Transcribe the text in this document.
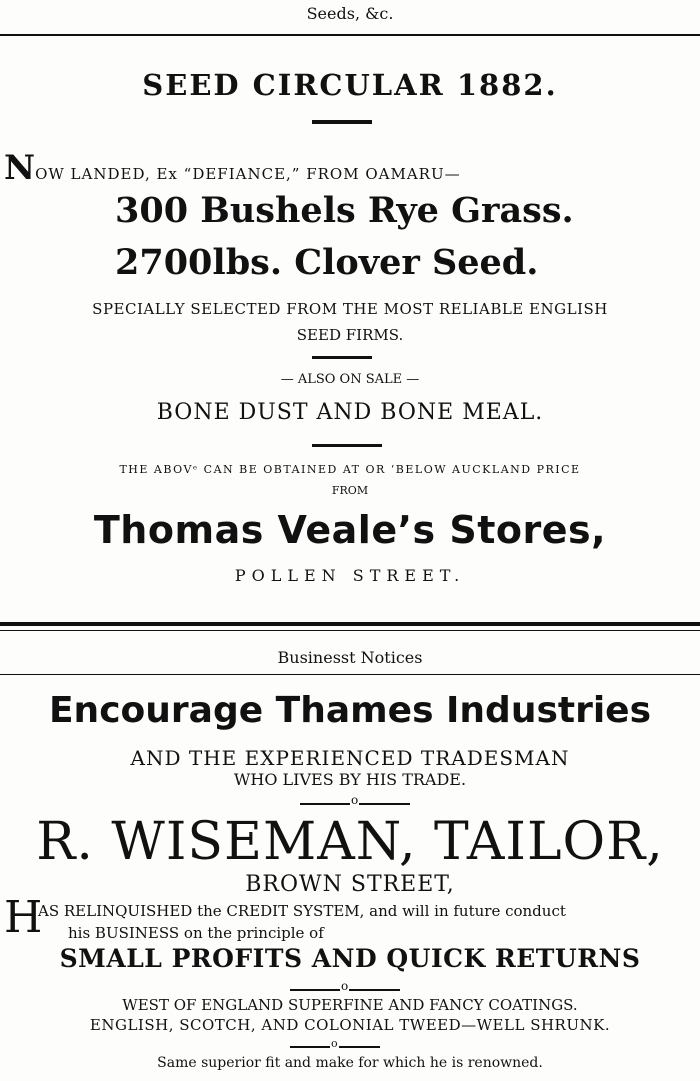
Seeds, &c.
SEED CIRCULAR 1882.
NOW LANDED, Ex “DEFIANCE,” FROM OAMARU—
300 Bushels Rye Grass.
2700lbs. Clover Seed.
SPECIALLY SELECTED FROM THE MOST RELIABLE ENGLISH
SEED FIRMS.
— ALSO ON SALE —
BONE DUST AND BONE MEAL.
THE ABOVᵉ CAN BE OBTAINED AT OR ‘BELOW AUCKLAND PRICE
FROM
Thomas Veale’s Stores,
POLLEN STREET.
Businesst Notices
Encourage Thames Industries
AND THE EXPERIENCED TRADESMAN
WHO LIVES BY HIS TRADE.
o
R. WISEMAN, TAILOR,
BROWN STREET,
H
AS RELINQUISHED the CREDIT SYSTEM, and will in future conduct
his BUSINESS on the principle of
SMALL PROFITS AND QUICK RETURNS
o
WEST OF ENGLAND SUPERFINE AND FANCY COATINGS.
ENGLISH, SCOTCH, AND COLONIAL TWEED—WELL SHRUNK.
o
Same superior fit and make for which he is renowned.
